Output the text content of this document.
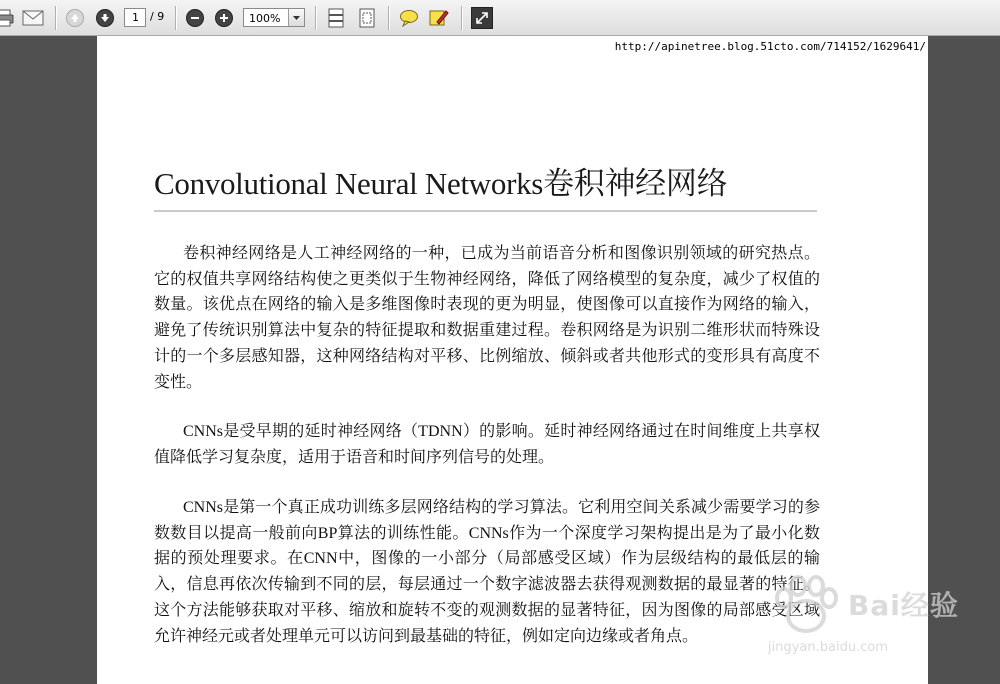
1	/ 9	100%
http://apinetree.blog.51cto.com/714152/1629641/
Convolutional Neural Networks卷积神经网络

卷积神经网络是人工神经网络的一种，已成为当前语音分析和图像识别领域的研究热点。它的权值共享网络结构使之更类似于生物神经网络，降低了网络模型的复杂度，减少了权值的数量。该优点在网络的输入是多维图像时表现的更为明显，使图像可以直接作为网络的输入，避免了传统识别算法中复杂的特征提取和数据重建过程。卷积网络是为识别二维形状而特殊设计的一个多层感知器，这种网络结构对平移、比例缩放、倾斜或者共他形式的变形具有高度不变性。

CNNs是受早期的延时神经网络（TDNN）的影响。延时神经网络通过在时间维度上共享权值降低学习复杂度，适用于语音和时间序列信号的处理。

CNNs是第一个真正成功训练多层网络结构的学习算法。它利用空间关系减少需要学习的参数数目以提高一般前向BP算法的训练性能。CNNs作为一个深度学习架构提出是为了最小化数据的预处理要求。在CNN中，图像的一小部分（局部感受区域）作为层级结构的最低层的输入，信息再依次传输到不同的层，每层通过一个数字滤波器去获得观测数据的最显著的特征。这个方法能够获取对平移、缩放和旋转不变的观测数据的显著特征，因为图像的局部感受区域允许神经元或者处理单元可以访问到最基础的特征，例如定向边缘或者角点。

Bai经验
jingyan.baidu.com
